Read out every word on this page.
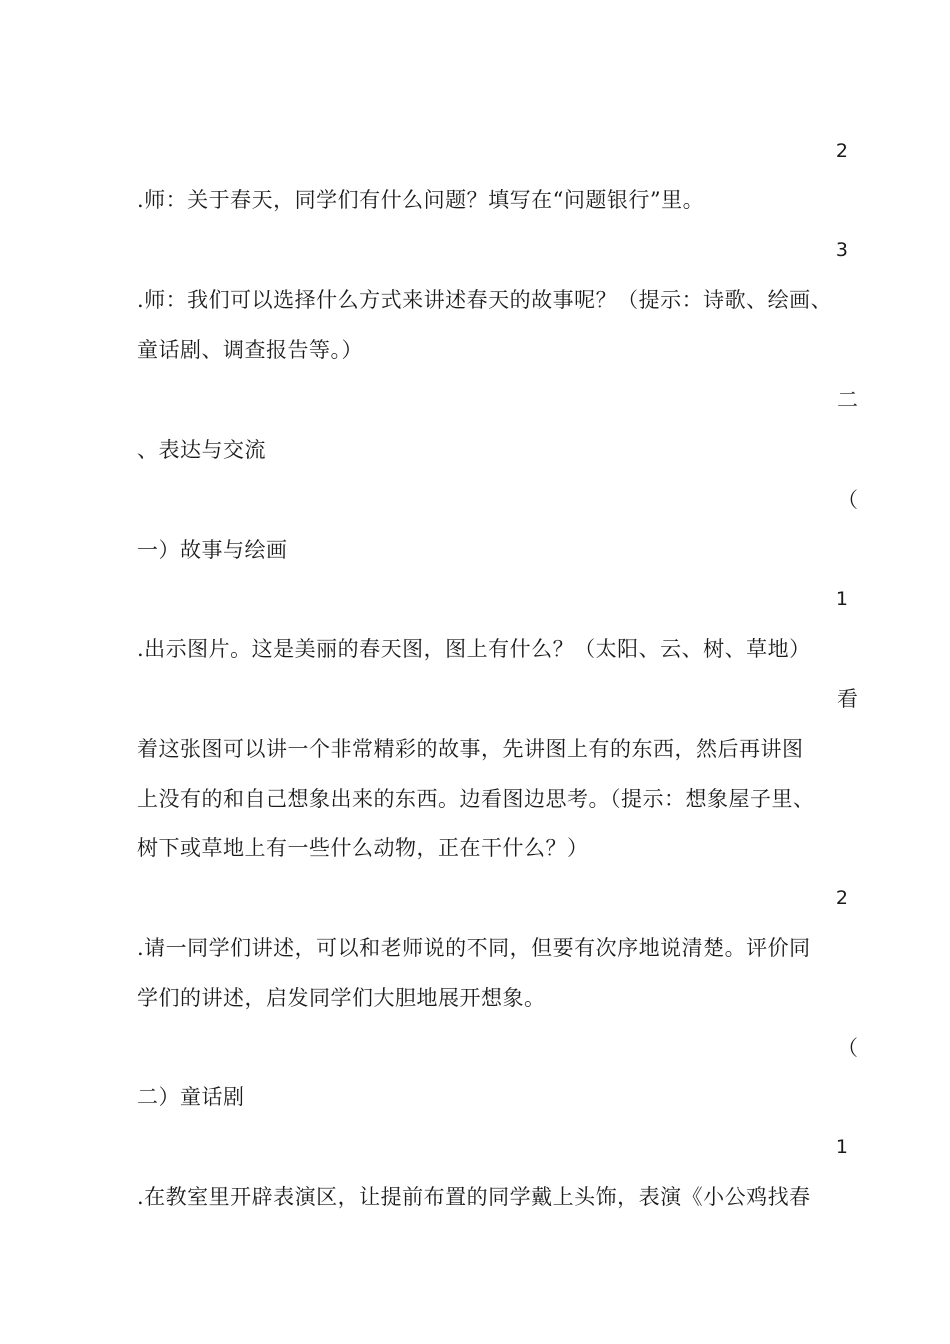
2
.师：关于春天，同学们有什么问题？填写在“问题银行”里。
3
.师：我们可以选择什么方式来讲述春天的故事呢？（提示：诗歌、绘画、
童话剧、调查报告等。）
二
、表达与交流
（
一）故事与绘画
1
.出示图片。这是美丽的春天图，图上有什么？（太阳、云、树、草地）
看
着这张图可以讲一个非常精彩的故事，先讲图上有的东西，然后再讲图
上没有的和自己想象出来的东西。边看图边思考。（提示：想象屋子里、
树下或草地上有一些什么动物，正在干什么？）
2
.请一同学们讲述，可以和老师说的不同，但要有次序地说清楚。评价同
学们的讲述，启发同学们大胆地展开想象。
（
二）童话剧
1
.在教室里开辟表演区，让提前布置的同学戴上头饰，表演《小公鸡找春
